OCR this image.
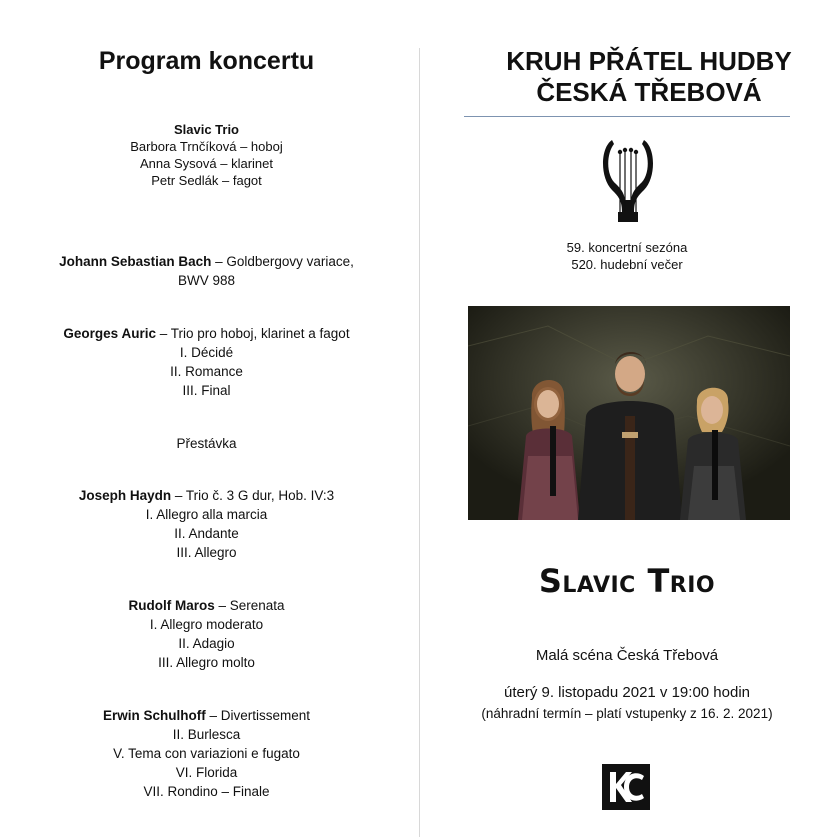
Program koncertu
Slavic Trio
Barbora Trnčíková – hoboj
Anna Sysová – klarinet
Petr Sedlák – fagot
Johann Sebastian Bach – Goldbergovy variace,
BWV 988
Georges Auric – Trio pro hoboj, klarinet a fagot
I. Décidé
II. Romance
III. Final
Přestávka
Joseph Haydn – Trio č. 3 G dur, Hob. IV:3
I. Allegro alla marcia
II. Andante
III. Allegro
Rudolf Maros – Serenata
I. Allegro moderato
II. Adagio
III. Allegro molto
Erwin Schulhoff – Divertissement
II. Burlesca
V. Tema con variazioni e fugato
VI. Florida
VII. Rondino – Finale
KRUH PŘÁTEL HUDBY
ČESKÁ TŘEBOVÁ
59. koncertní sezóna
520. hudební večer
Slavic Trio
Malá scéna Česká Třebová
úterý 9. listopadu 2021 v 19:00 hodin
(náhradní termín – platí vstupenky z 16. 2. 2021)
